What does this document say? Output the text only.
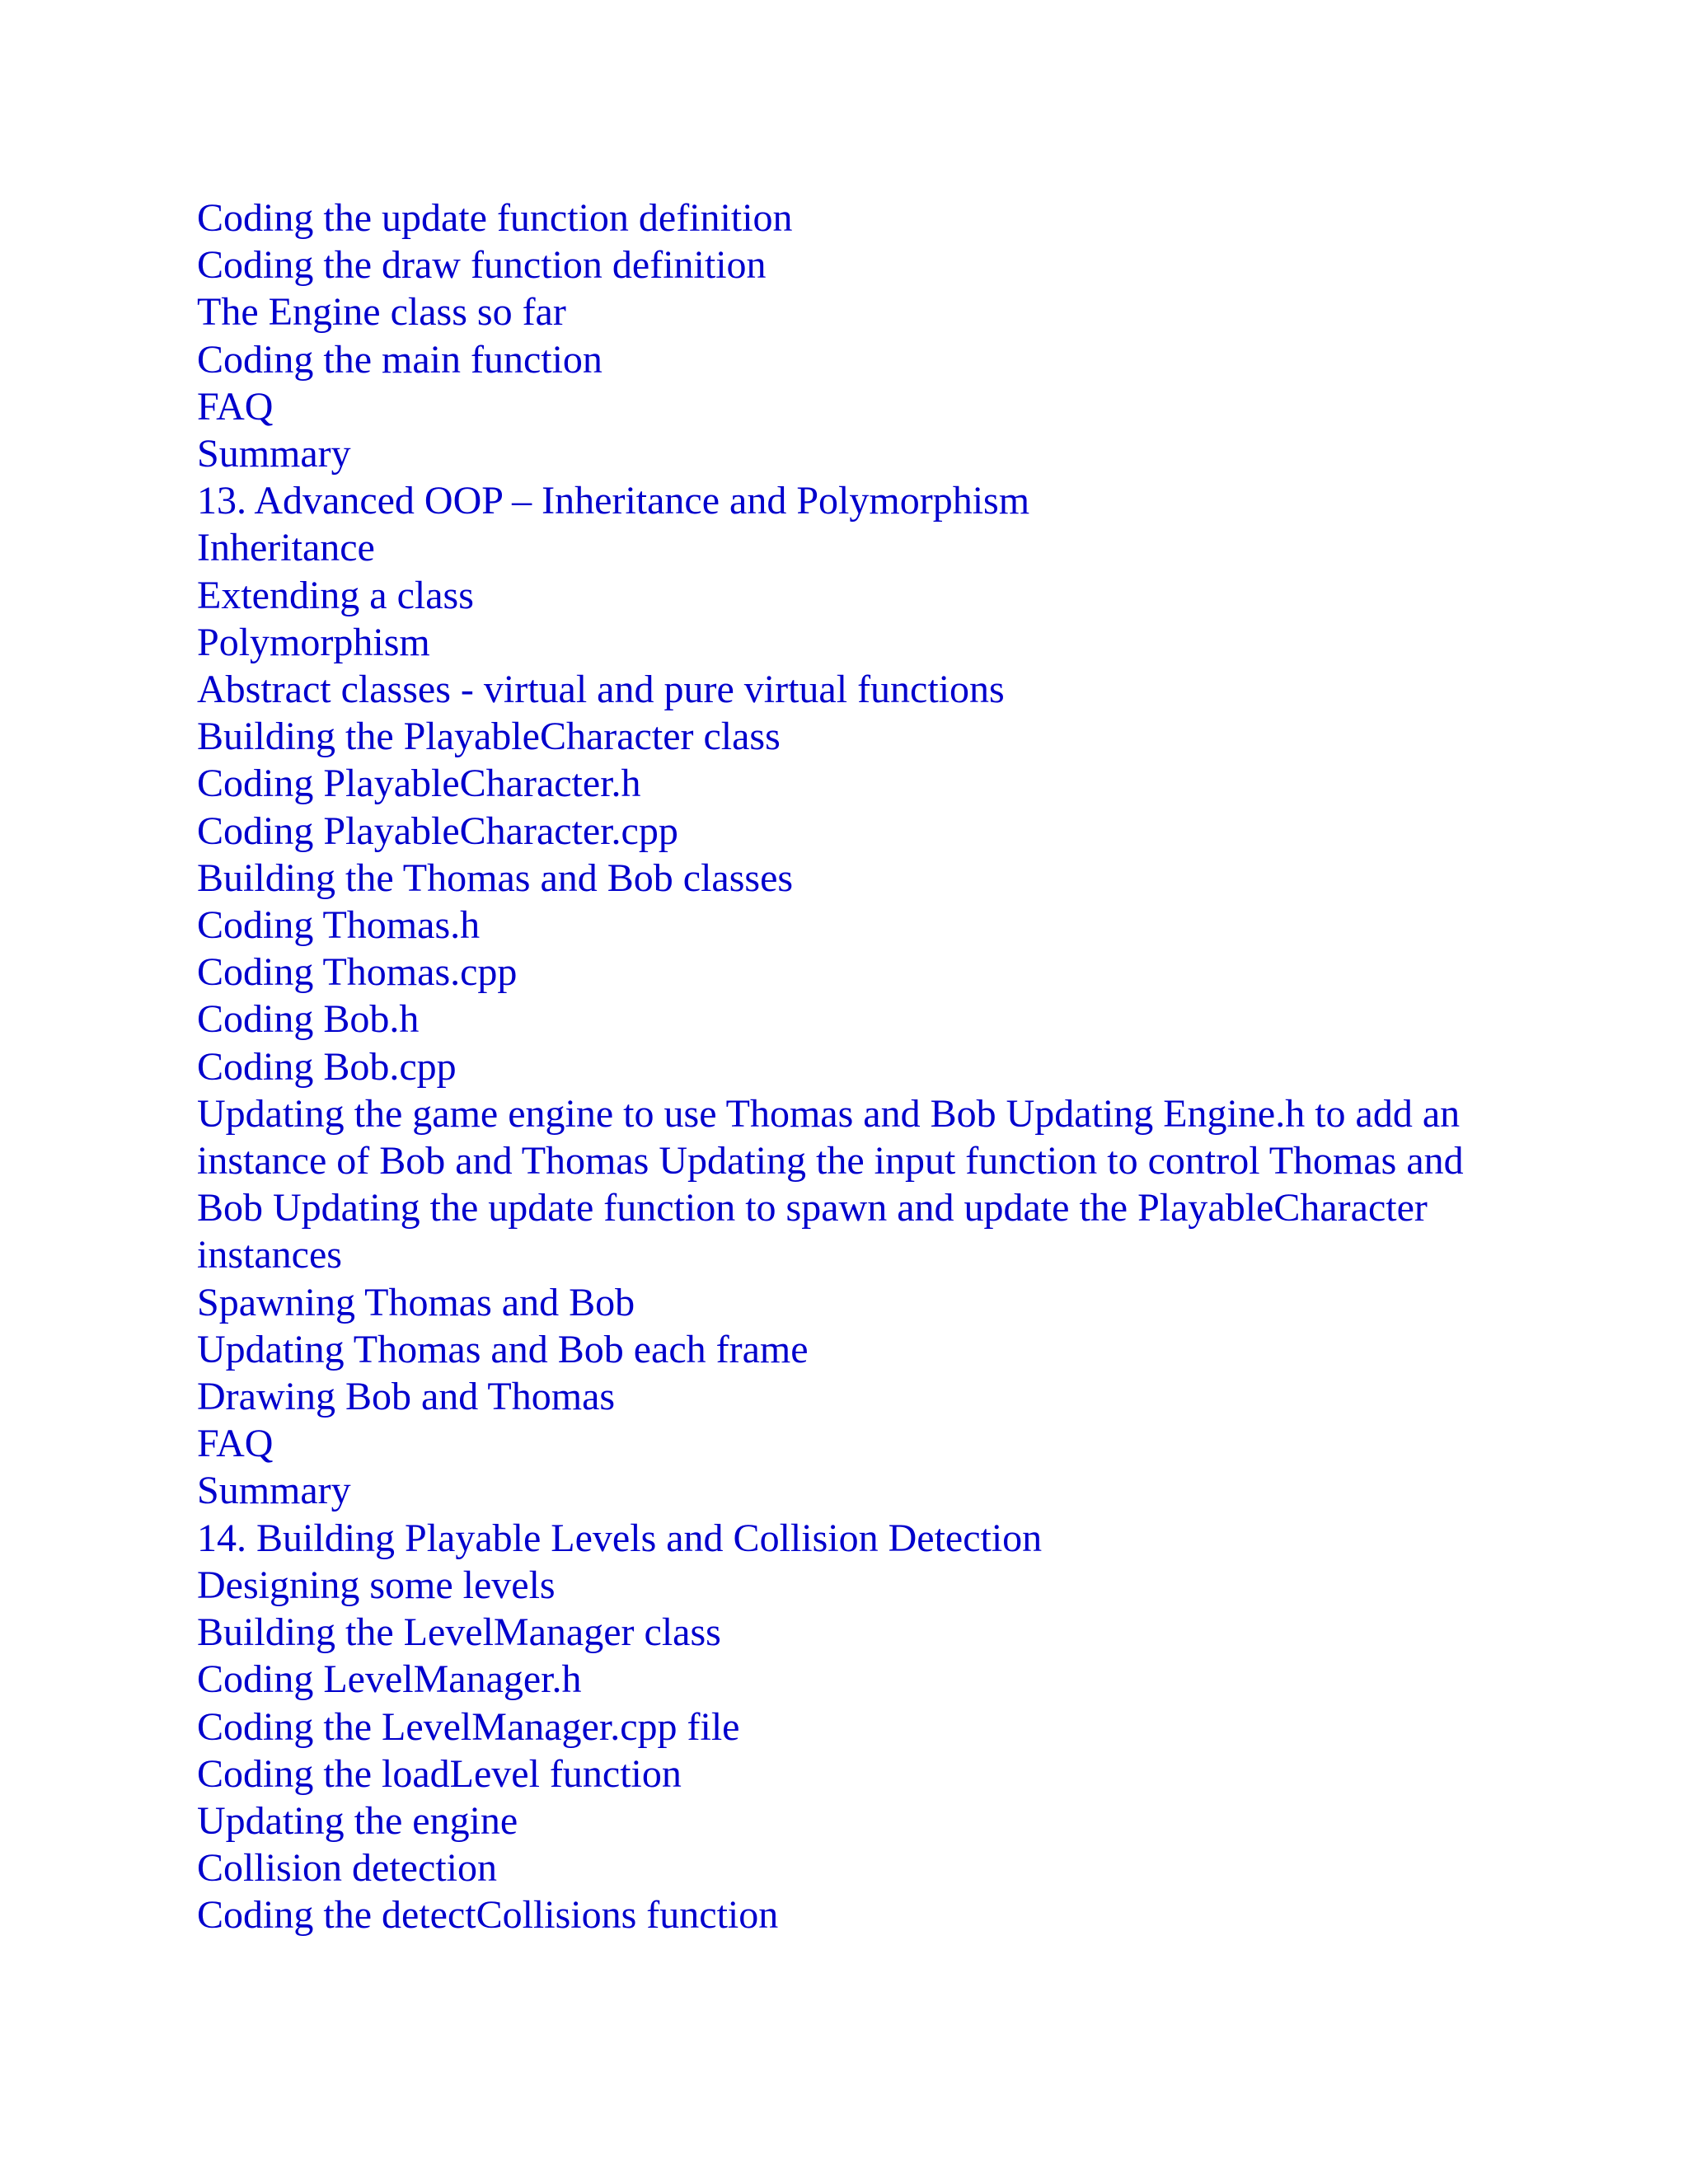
Coding the update function definition
Coding the draw function definition
The Engine class so far
Coding the main function
FAQ
Summary
13. Advanced OOP – Inheritance and Polymorphism
Inheritance
Extending a class
Polymorphism
Abstract classes - virtual and pure virtual functions
Building the PlayableCharacter class
Coding PlayableCharacter.h
Coding PlayableCharacter.cpp
Building the Thomas and Bob classes
Coding Thomas.h
Coding Thomas.cpp
Coding Bob.h
Coding Bob.cpp
Updating the game engine to use Thomas and Bob Updating Engine.h to add an instance of Bob and Thomas Updating the input function to control Thomas and Bob Updating the update function to spawn and update the PlayableCharacter instances
Spawning Thomas and Bob
Updating Thomas and Bob each frame
Drawing Bob and Thomas
FAQ
Summary
14. Building Playable Levels and Collision Detection
Designing some levels
Building the LevelManager class
Coding LevelManager.h
Coding the LevelManager.cpp file
Coding the loadLevel function
Updating the engine
Collision detection
Coding the detectCollisions function
